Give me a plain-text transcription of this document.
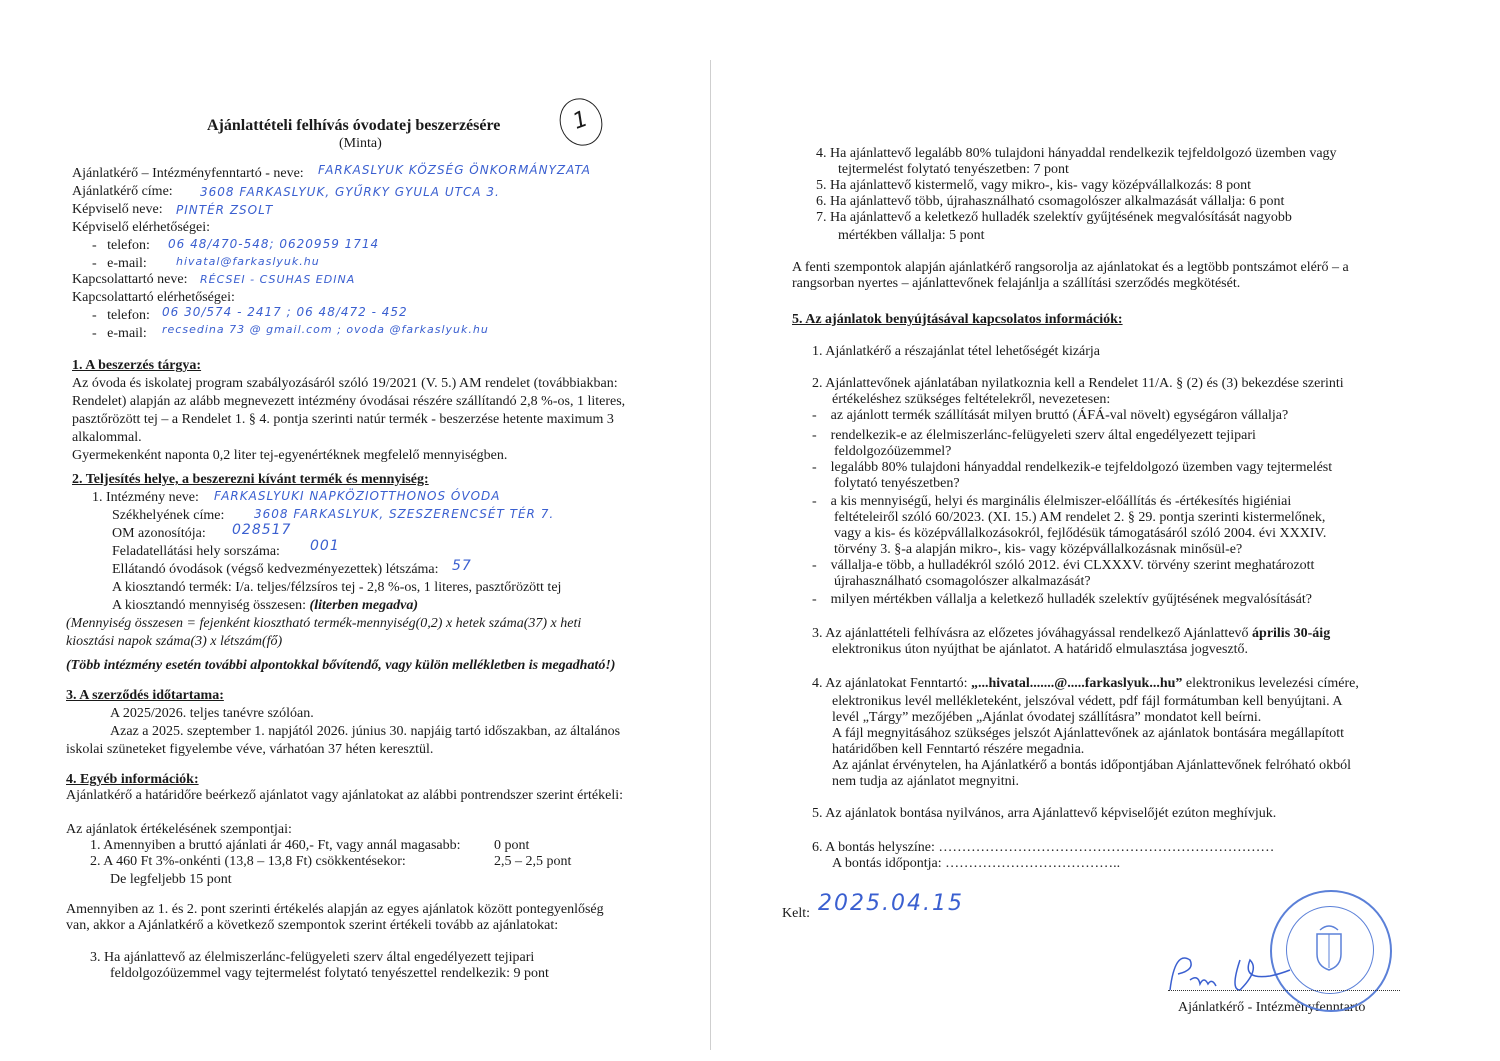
Ajánlattételi felhívás óvodatej beszerzésére
(Minta)
1
Ajánlatkérő – Intézményfenntartó - neve: FARKASLYUK KÖZSÉG ÖNKORMÁNYZATA
Ajánlatkérő címe: 3608 FARKASLYUK, GYŰRKY GYULA UTCA 3.
Képviselő neve: PINTÉR ZSOLT
Képviselő elérhetőségei:
-   telefon: 06 48/470-548; 0620959 1714
-   e-mail:	hivatal@farkaslyuk.hu
Kapcsolattartó neve: RÉCSEI - CSUHAS EDINA
Kapcsolattartó elérhetőségei:
-   telefon: 06 30/574 - 2417 ; 06 48/472 - 452
-   e-mail: recsedina 73 @ gmail.com ; ovoda @farkaslyuk.hu
1. A beszerzés tárgya:
Az óvoda és iskolatej program szabályozásáról szóló 19/2021 (V. 5.) AM rendelet (továbbiakban:
Rendelet) alapján az alább megnevezett intézmény óvodásai részére szállítandó 2,8 %-os, 1 literes,
pasztőrözött tej – a Rendelet 1. § 4. pontja szerinti natúr termék - beszerzése hetente maximum 3
alkalommal.
Gyermekenként naponta 0,2 liter tej-egyenértéknek megfelelő mennyiségben.
2. Teljesítés helye, a beszerezni kívánt termék és mennyiség:
1. Intézmény neve: FARKASLYUKI NAPKÖZIOTTHONOS ÓVODA
Székhelyének címe: 3608 FARKASLYUK, SZESZERENCSÉT TÉR 7.
OM azonosítója: 028517
Feladatellátási hely sorszáma: 001
Ellátandó óvodások (végső kedvezményezettek) létszáma: 57
A kiosztandó termék: I/a. teljes/félzsíros tej - 2,8 %-os, 1 literes, pasztőrözött tej
A kiosztandó mennyiség összesen: (literben megadva)
(Mennyiség összesen = fejenként kiosztható termék-mennyiség(0,2) x hetek száma(37) x heti
kiosztási napok száma(3) x létszám(fő)
(Több intézmény esetén további alpontokkal bővítendő, vagy külön mellékletben is megadható!)
3. A szerződés időtartama:
A 2025/2026. teljes tanévre szólóan.
Azaz a 2025. szeptember 1. napjától 2026. június 30. napjáig tartó időszakban, az általános
iskolai szüneteket figyelembe véve, várhatóan 37 héten keresztül.
4. Egyéb információk:
Ajánlatkérő a határidőre beérkező ajánlatot vagy ajánlatokat az alábbi pontrendszer szerint értékeli:
Az ajánlatok értékelésének szempontjai:
1. Amennyiben a bruttó ajánlati ár 460,- Ft, vagy annál magasabb: 0 pont
2. A 460 Ft 3%-onkénti (13,8 – 13,8 Ft) csökkentésekor:	2,5 – 2,5 pont
De legfeljebb 15 pont
Amennyiben az 1. és 2. pont szerinti értékelés alapján az egyes ajánlatok között pontegyenlőség
van, akkor a Ajánlatkérő a következő szempontok szerint értékeli tovább az ajánlatokat:
3. Ha ajánlattevő az élelmiszerlánc-felügyeleti szerv által engedélyezett tejipari
feldolgozóüzemmel vagy tejtermelést folytató tenyészettel rendelkezik: 9 pont
4. Ha ajánlattevő legalább 80% tulajdoni hányaddal rendelkezik tejfeldolgozó üzemben vagy
tejtermelést folytató tenyészetben: 7 pont
5. Ha ajánlattevő kistermelő, vagy mikro-, kis- vagy középvállalkozás: 8 pont
6. Ha ajánlattevő több, újrahasználható csomagolószer alkalmazását vállalja: 6 pont
7. Ha ajánlattevő a keletkező hulladék szelektív gyűjtésének megvalósítását nagyobb
mértékben vállalja: 5 pont
A fenti szempontok alapján ajánlatkérő rangsorolja az ajánlatokat és a legtöbb pontszámot elérő – a
rangsorban nyertes – ajánlattevőnek felajánlja a szállítási szerződés megkötését.
5. Az ajánlatok benyújtásával kapcsolatos információk:
1. Ajánlatkérő a részajánlat tétel lehetőségét kizárja
2. Ajánlattevőnek ajánlatában nyilatkoznia kell a Rendelet 11/A. § (2) és (3) bekezdése szerinti
értékeléshez szükséges feltételekről, nevezetesen:
-    az ajánlott termék szállítását milyen bruttó (ÁFÁ-val növelt) egységáron vállalja?
-    rendelkezik-e az élelmiszerlánc-felügyeleti szerv által engedélyezett tejipari
feldolgozóüzemmel?
-    legalább 80% tulajdoni hányaddal rendelkezik-e tejfeldolgozó üzemben vagy tejtermelést
folytató tenyészetben?
-    a kis mennyiségű, helyi és marginális élelmiszer-előállítás és -értékesítés higiéniai
feltételeiről szóló 60/2023. (XI. 15.) AM rendelet 2. § 29. pontja szerinti kistermelőnek,
vagy a kis- és középvállalkozásokról, fejlődésük támogatásáról szóló 2004. évi XXXIV.
törvény 3. §-a alapján mikro-, kis- vagy középvállalkozásnak minősül-e?
-    vállalja-e több, a hulladékról szóló 2012. évi CLXXXV. törvény szerint meghatározott
újrahasználható csomagolószer alkalmazását?
-    milyen mértékben vállalja a keletkező hulladék szelektív gyűjtésének megvalósítását?
3. Az ajánlattételi felhívásra az előzetes jóváhagyással rendelkező Ajánlattevő április 30-áig
elektronikus úton nyújthat be ajánlatot. A határidő elmulasztása jogvesztő.
4. Az ajánlatokat Fenntartó: „...hivatal.......@.....farkaslyuk...hu” elektronikus levelezési címére,
elektronikus levél mellékleteként, jelszóval védett, pdf fájl formátumban kell benyújtani. A
levél „Tárgy” mezőjében „Ajánlat óvodatej szállításra” mondatot kell beírni.
A fájl megnyitásához szükséges jelszót Ajánlattevőnek az ajánlatok bontására megállapított
határidőben kell Fenntartó részére megadnia.
Az ajánlat érvénytelen, ha Ajánlatkérő a bontás időpontjában Ajánlattevőnek felróható okból
nem tudja az ajánlatot megnyitni.
5. Az ajánlatok bontása nyilvános, arra Ajánlattevő képviselőjét ezúton meghívjuk.
6. A bontás helyszíne: ………………………………………………………………
A bontás időpontja: ………………………………..
Kelt: 2025.04.15
Ajánlatkérő - Intézményfenntartó
